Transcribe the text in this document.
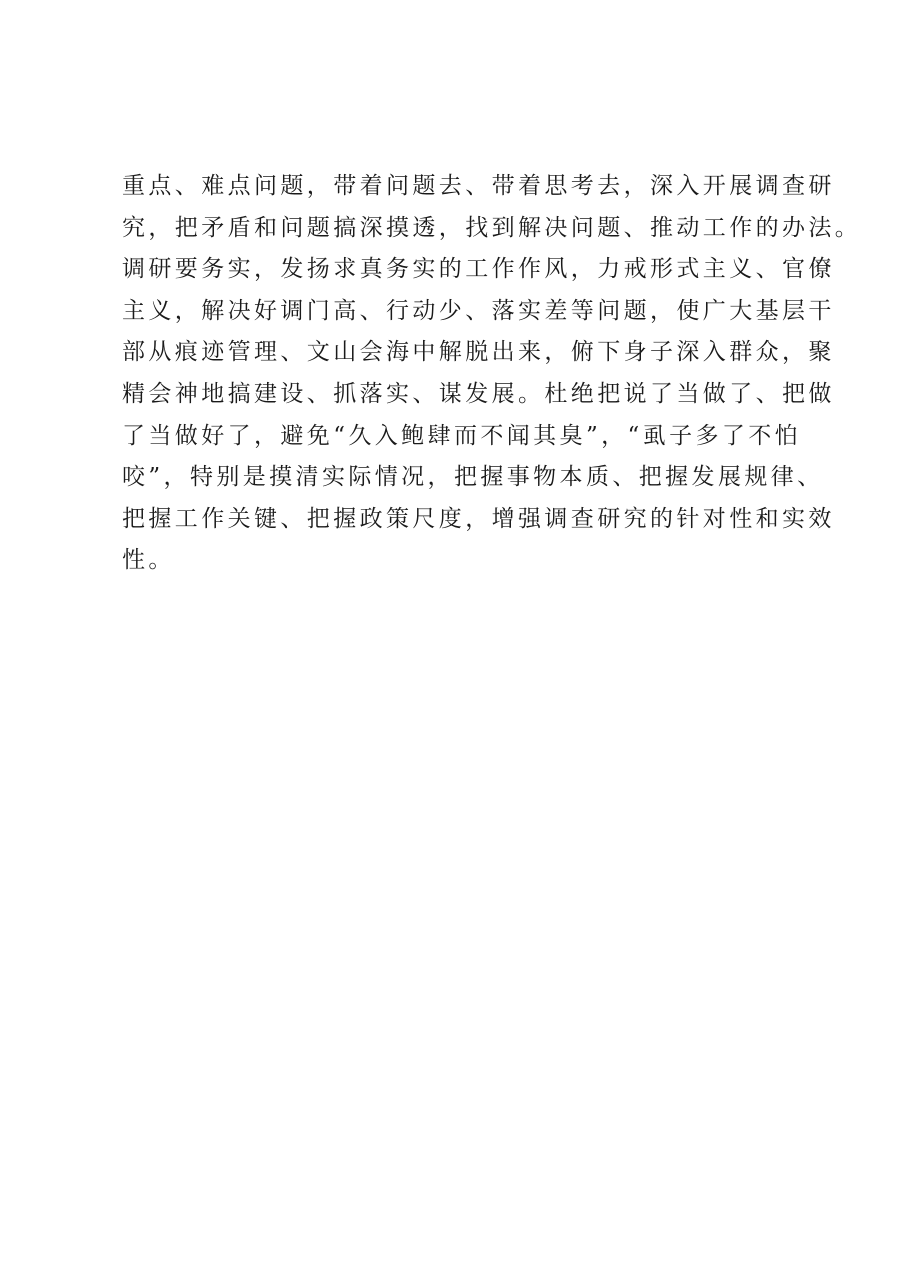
重点、难点问题，带着问题去、带着思考去，深入开展调查研
究，把矛盾和问题搞深摸透，找到解决问题、推动工作的办法。
调研要务实，发扬求真务实的工作作风，力戒形式主义、官僚
主义，解决好调门高、行动少、落实差等问题，使广大基层干
部从痕迹管理、文山会海中解脱出来，俯下身子深入群众，聚
精会神地搞建设、抓落实、谋发展。杜绝把说了当做了、把做
了当做好了，避免“久入鲍肆而不闻其臭”，“虱子多了不怕
咬”，特别是摸清实际情况，把握事物本质、把握发展规律、
把握工作关键、把握政策尺度，增强调查研究的针对性和实效
性。
